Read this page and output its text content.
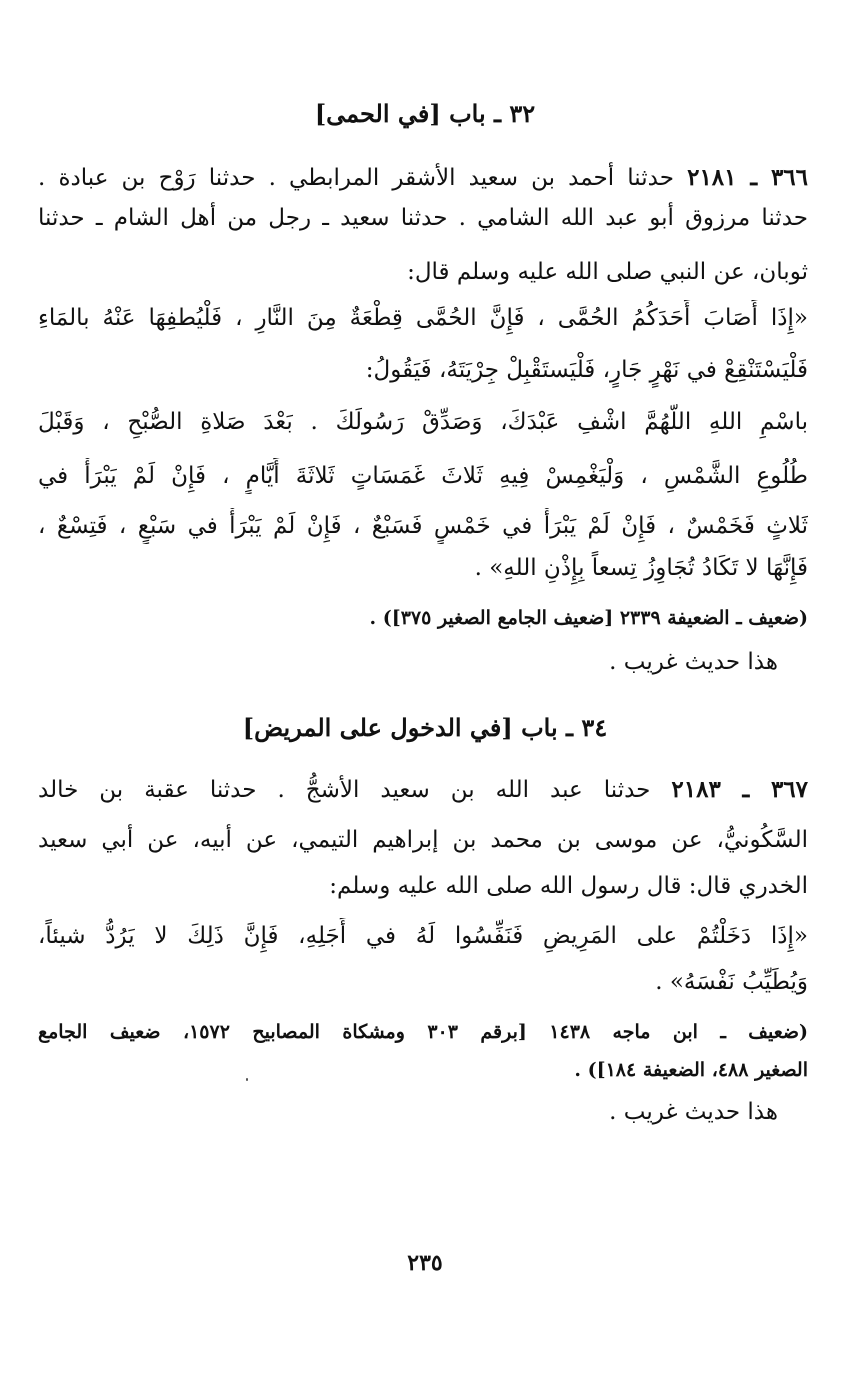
٣٢ ـ باب [في الحمى]
٣٦٦ ـ ٢١٨١ حدثنا أحمد بن سعيد الأشقر المرابطي . حدثنا رَوْح بن عبادة .
حدثنا مرزوق أبو عبد الله الشامي . حدثنا سعيد ـ رجل من أهل الشام ـ حدثنا
ثوبان، عن النبي صلى الله عليه وسلم قال:
«إِذَا أَصَابَ أَحَدَكُمُ الحُمَّى ، فَإِنَّ الحُمَّى قِطْعَةٌ مِنَ النَّارِ ، فَلْيُطفِهَا عَنْهُ بالمَاءِ
فَلْيَسْتَنْقِعْ في نَهْرٍ جَارٍ، فَلْيَستَقْبِلْ جِرْيَتَهُ، فَيَقُولُ:
باسْمِ اللهِ اللَّهُمَّ اشْفِ عَبْدَكَ، وَصَدِّقْ رَسُولَكَ . بَعْدَ صَلاةِ الصُّبْحِ ، وَقَبْلَ
طُلُوعِ الشَّمْسِ ، وَلْيَغْمِسْ فِيهِ ثَلاثَ غَمَسَاتٍ ثَلاثَةَ أَيَّامٍ ، فَإِنْ لَمْ يَبْرَأْ في
ثَلاثٍ فَخَمْسٌ ، فَإِنْ لَمْ يَبْرَأْ في خَمْسٍ فَسَبْعٌ ، فَإِنْ لَمْ يَبْرَأْ في سَبْعٍ ، فَتِسْعٌ ،
فَإِنَّهَا لا تَكَادُ تُجَاوِزُ تِسعاً بِإِذْنِ اللهِ» .
(ضعيف ـ الضعيفة ٢٣٣٩ [ضعيف الجامع الصغير ٣٧٥]) .
هذا حديث غريب .
٣٤ ـ باب [في الدخول على المريض]
٣٦٧ ـ ٢١٨٣ حدثنا عبد الله بن سعيد الأشجُّ . حدثنا عقبة بن خالد
السَّكُونيُّ، عن موسى بن محمد بن إبراهيم التيمي، عن أبيه، عن أبي سعيد
الخدري قال: قال رسول الله صلى الله عليه وسلم:
«إِذَا دَخَلْتُمْ على المَرِيضِ فَنَفِّسُوا لَهُ في أَجَلِهِ، فَإِنَّ ذَلِكَ لا يَرُدُّ شيئاً،
وَيُطَيِّبُ نَفْسَهُ» .
(ضعيف ـ ابن ماجه ١٤٣٨ [برقم ٣٠٣ ومشكاة المصابيح ١٥٧٢، ضعيف الجامع
الصغير ٤٨٨، الضعيفة ١٨٤]) .
هذا حديث غريب .
٢٣٥
